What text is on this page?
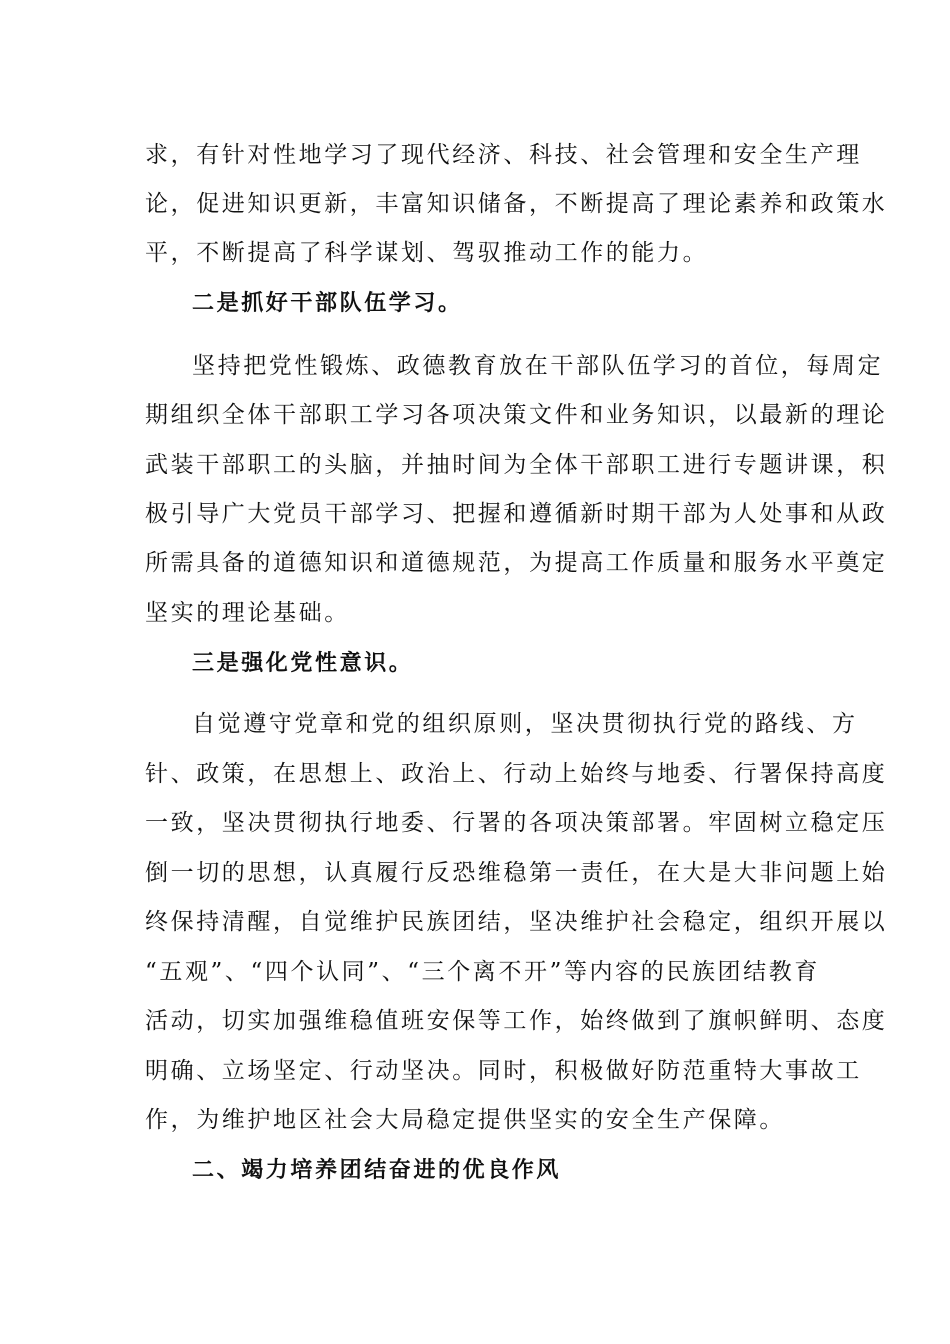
求，有针对性地学习了现代经济、科技、社会管理和安全生产理
论，促进知识更新，丰富知识储备，不断提高了理论素养和政策水
平，不断提高了科学谋划、驾驭推动工作的能力。
二是抓好干部队伍学习。
坚持把党性锻炼、政德教育放在干部队伍学习的首位，每周定
期组织全体干部职工学习各项决策文件和业务知识，以最新的理论
武装干部职工的头脑，并抽时间为全体干部职工进行专题讲课，积
极引导广大党员干部学习、把握和遵循新时期干部为人处事和从政
所需具备的道德知识和道德规范，为提高工作质量和服务水平奠定
坚实的理论基础。
三是强化党性意识。
自觉遵守党章和党的组织原则，坚决贯彻执行党的路线、方
针、政策，在思想上、政治上、行动上始终与地委、行署保持高度
一致，坚决贯彻执行地委、行署的各项决策部署。牢固树立稳定压
倒一切的思想，认真履行反恐维稳第一责任，在大是大非问题上始
终保持清醒，自觉维护民族团结，坚决维护社会稳定，组织开展以
“五观”、“四个认同”、“三个离不开”等内容的民族团结教育
活动，切实加强维稳值班安保等工作，始终做到了旗帜鲜明、态度
明确、立场坚定、行动坚决。同时，积极做好防范重特大事故工
作，为维护地区社会大局稳定提供坚实的安全生产保障。
二、竭力培养团结奋进的优良作风
